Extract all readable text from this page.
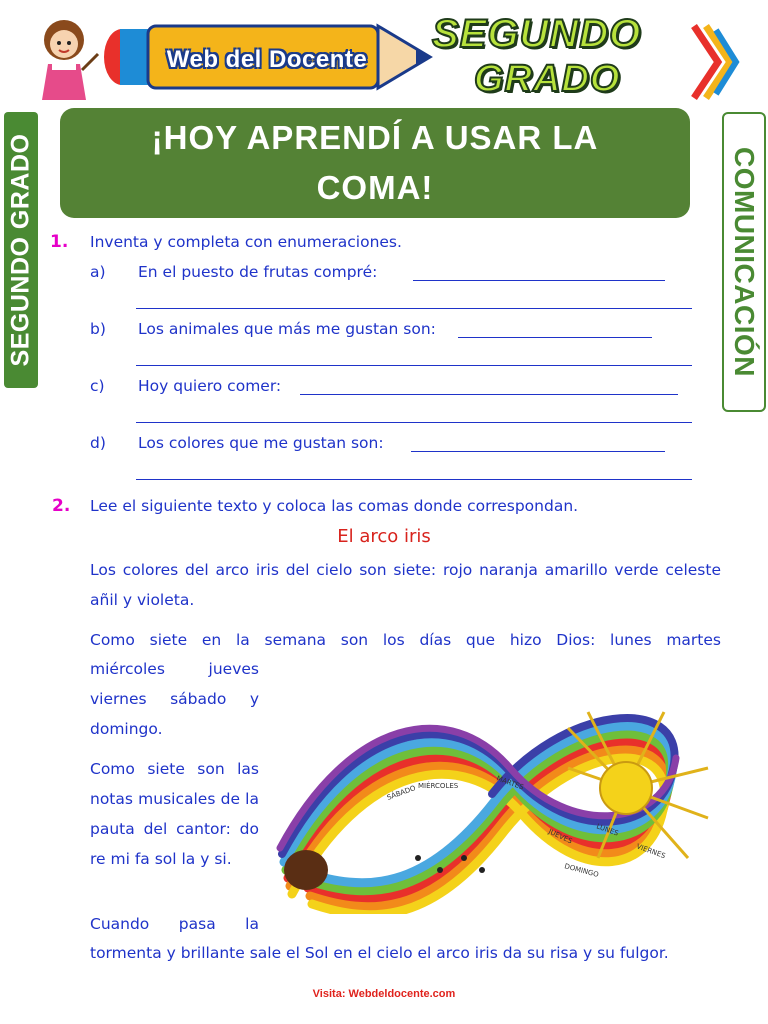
Web del Docente
SEGUNDO
GRADO
SEGUNDO GRADO	COMUNICACIÓN
¡HOY APRENDÍ A USAR LA COMA!
1. Inventa y completa con enumeraciones.
a) En el puesto de frutas compré:
b) Los animales que más me gustan son:
c) Hoy quiero comer:
d) Los colores que me gustan son:
2. Lee el siguiente texto y coloca las comas donde correspondan.
El arco iris
Los colores del arco iris del cielo son siete: rojo naranja amarillo verde celeste añil y violeta.
Como siete en la semana son los días que hizo Dios: lunes martes
miércoles jueves viernes sábado y domingo.
Como siete son las notas musicales de la pauta del cantor: do re mi fa sol la y si.
Cuando pasa la
tormenta y brillante sale el Sol en el cielo el arco iris da su risa y su fulgor.
SÁBADO MIÉRCOLES	MARTES
JUEVES	LUNES
VIERNES
DOMINGO
Visita: Webdeldocente.com
